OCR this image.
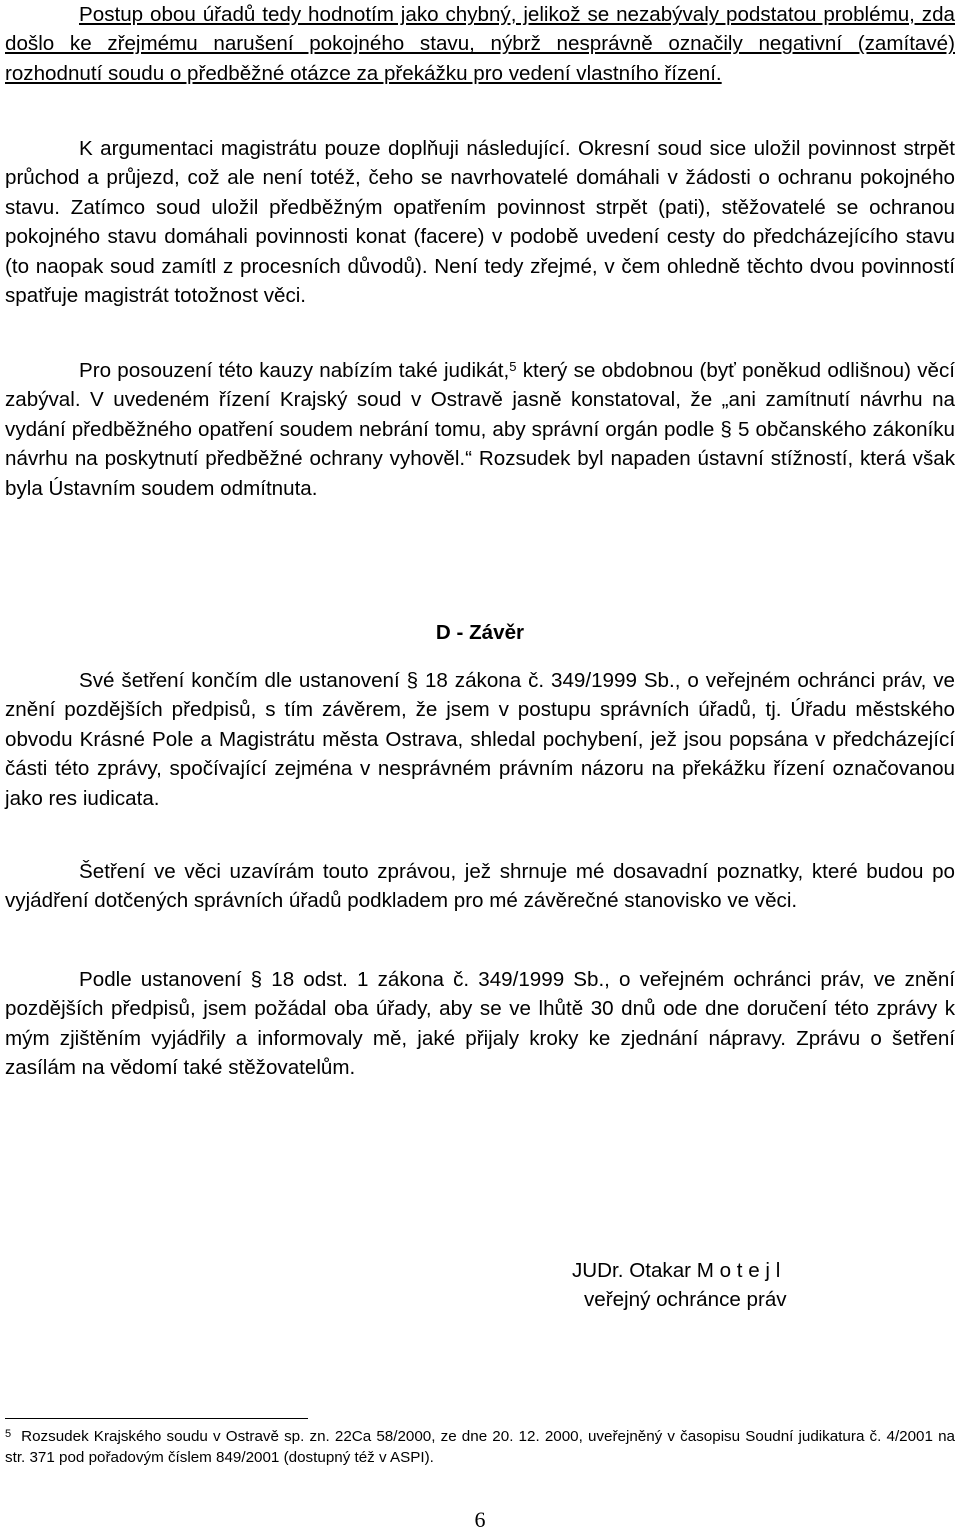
Postup obou úřadů tedy hodnotím jako chybný, jelikož se nezabývaly podstatou problému, zda došlo ke zřejmému narušení pokojného stavu, nýbrž nesprávně označily negativní (zamítavé) rozhodnutí soudu o předběžné otázce za překážku pro vedení vlastního řízení.

K argumentaci magistrátu pouze doplňuji následující. Okresní soud sice uložil povinnost strpět průchod a průjezd, což ale není totéž, čeho se navrhovatelé domáhali v žádosti o ochranu pokojného stavu. Zatímco soud uložil předběžným opatřením povinnost strpět (pati), stěžovatelé se ochranou pokojného stavu domáhali povinnosti konat (facere) v podobě uvedení cesty do předcházejícího stavu (to naopak soud zamítl z procesních důvodů). Není tedy zřejmé, v čem ohledně těchto dvou povinností spatřuje magistrát totožnost věci.

Pro posouzení této kauzy nabízím také judikát,$^5$ který se obdobnou (byť poněkud odlišnou) věcí zabýval. V uvedeném řízení Krajský soud v Ostravě jasně konstatoval, že „ani zamítnutí návrhu na vydání předběžného opatření soudem nebrání tomu, aby správní orgán podle § 5 občanského zákoníku návrhu na poskytnutí předběžné ochrany vyhověl.“ Rozsudek byl napaden ústavní stížností, která však byla Ústavním soudem odmítnuta.

D - Závěr

Své šetření končím dle ustanovení § 18 zákona č. 349/1999 Sb., o veřejném ochránci práv, ve znění pozdějších předpisů, s tím závěrem, že jsem v postupu správních úřadů, tj. Úřadu městského obvodu Krásné Pole a Magistrátu města Ostrava, shledal pochybení, jež jsou popsána v předcházející části této zprávy, spočívající zejména v nesprávném právním názoru na překážku řízení označovanou jako res iudicata.

Šetření ve věci uzavírám touto zprávou, jež shrnuje mé dosavadní poznatky, které budou po vyjádření dotčených správních úřadů podkladem pro mé závěrečné stanovisko ve věci.

Podle ustanovení § 18 odst. 1 zákona č. 349/1999 Sb., o veřejném ochránci práv, ve znění pozdějších předpisů, jsem požádal oba úřady, aby se ve lhůtě 30 dnů ode dne doručení této zprávy k mým zjištěním vyjádřily a informovaly mě, jaké přijaly kroky ke zjednání nápravy. Zprávu o šetření zasílám na vědomí také stěžovatelům.

JUDr. Otakar M o t e j l
veřejný ochránce práv
$^5$ Rozsudek Krajského soudu v Ostravě sp. zn. 22Ca 58/2000, ze dne 20. 12. 2000, uveřejněný v časopisu Soudní judikatura č. 4/2001 na str. 371 pod pořadovým číslem 849/2001 (dostupný též v ASPI).
6
